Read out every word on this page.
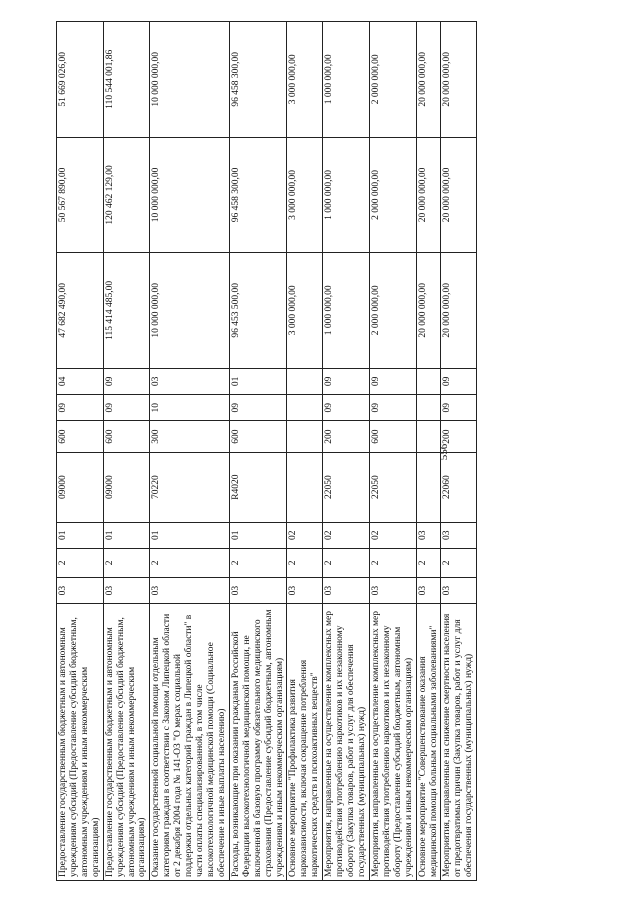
556
Предоставление государственным бюджетным и автономным учреждениям субсидий (Предоставление субсидий бюджетным, автономным учреждениям и иным некоммерческим организациям)	03	2	01	09000	600	09	04	47 682 490,00	50 567 890,00	51 669 026,00
Предоставление государственным бюджетным и автономным учреждениям субсидий (Предоставление субсидий бюджетным, автономным учреждениям и иным некоммерческим организациям)	03	2	01	09000	600	09	09	115 414 485,00	120 462 129,00	110 544 001,86
Оказание государственной социальной помощи отдельным категориям граждан в соответствии с Законом Липецкой области от 2 декабря 2004 года № 141-ОЗ "О мерах социальной поддержки отдельных категорий граждан в Липецкой области" в части оплаты специализированной, в том числе высокотехнологичной медицинской помощи (Социальное обеспечение и иные выплаты населению)	03	2	01	70220	300	10	03	10 000 000,00	10 000 000,00	10 000 000,00
Расходы, возникающие при оказании гражданам Российской Федерации высокотехнологичной медицинской помощи, не включенной в базовую программу обязательного медицинского страхования (Предоставление субсидий бюджетным, автономным учреждениям и иным некоммерческим организациям)	03	2	01	R4020	600	09	01	96 453 500,00	96 458 300,00	96 458 300,00
Основное мероприятие "Профилактика развития наркозависимости, включая сокращение потребления наркотических средств и психоактивных веществ"	03	2	02					3 000 000,00	3 000 000,00	3 000 000,00
Мероприятия, направленные на осуществление комплексных мер противодействия употреблению наркотиков и их незаконному обороту (Закупка товаров, работ и услуг для обеспечения государственных (муниципальных) нужд)	03	2	02	22050	200	09	09	1 000 000,00	1 000 000,00	1 000 000,00
Мероприятия, направленные на осуществление комплексных мер противодействия употреблению наркотиков и их незаконному обороту (Предоставление субсидий бюджетным, автономным учреждениям и иным некоммерческим организациям)	03	2	02	22050	600	09	09	2 000 000,00	2 000 000,00	2 000 000,00
Основное мероприятие "Совершенствование оказания медицинской помощи больным социальными заболеваниями"	03	2	03					20 000 000,00	20 000 000,00	20 000 000,00
Мероприятия, направленные на снижение смертности населения от предотвратимых причин (Закупка товаров, работ и услуг для обеспечения государственных (муниципальных) нужд)	03	2	03	22060	200	09	09	20 000 000,00	20 000 000,00	20 000 000,00
